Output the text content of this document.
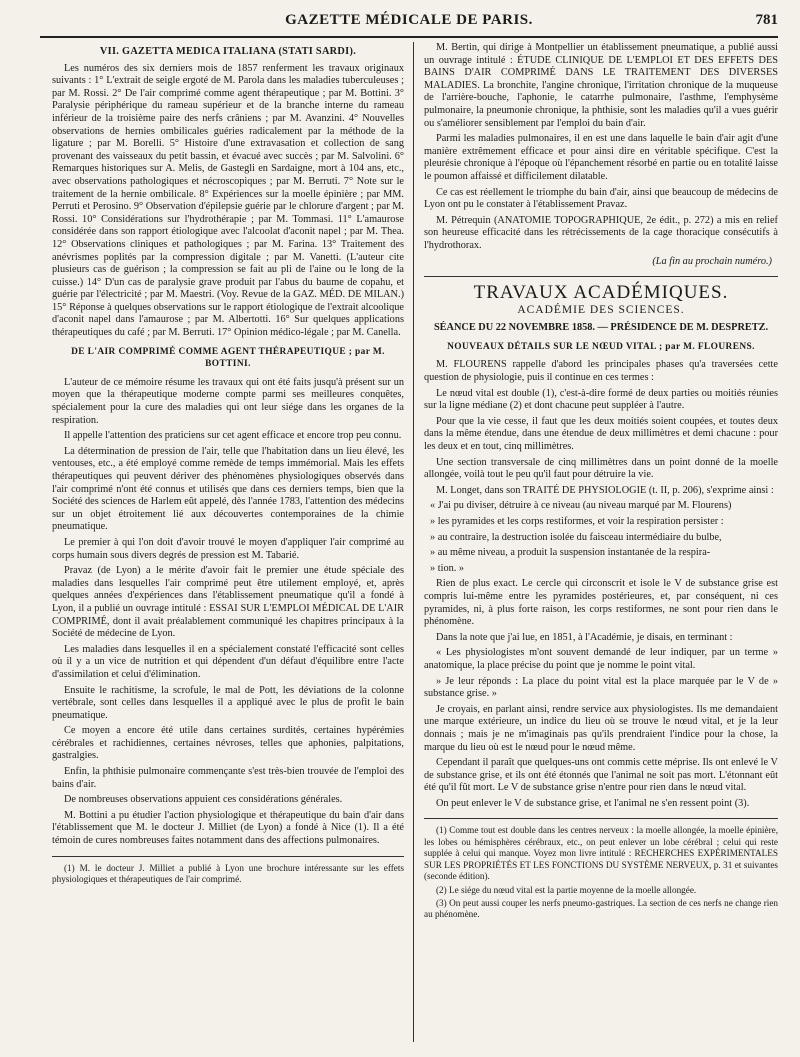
GAZETTE MÉDICALE DE PARIS.	781
VII. GAZETTA MEDICA ITALIANA (STATI SARDI).

Les numéros des six derniers mois de 1857 renferment les travaux originaux suivants : 1° L'extrait de seigle ergoté de M. Parola dans les maladies tuberculeuses ; par M. Rossi. 2° De l'air comprimé comme agent thérapeutique ; par M. Bottini. 3° Paralysie périphérique du rameau supérieur et de la branche interne du rameau inférieur de la troisième paire des nerfs crâniens ; par M. Avanzini. 4° Nouvelles observations de hernies ombilicales guéries radicalement par la méthode de la ligature ; par M. Borelli. 5° Histoire d'une extravasation et collection de sang provenant des vaisseaux du petit bassin, et évacué avec succès ; par M. Salvolini. 6° Remarques historiques sur A. Melis, de Gastegli en Sardaigne, mort à 104 ans, etc., avec observations pathologiques et nécroscopiques ; par M. Berruti. 7° Note sur le traitement de la hernie ombilicale. 8° Expériences sur la moelle épinière ; par MM. Perruti et Perosino. 9° Observation d'épilepsie guérie par le chlorure d'argent ; par M. Rossi. 10° Considérations sur l'hydrothérapie ; par M. Tommasi. 11° L'amaurose considérée dans son rapport étiologique avec l'alcoolat d'aconit napel ; par M. Thea. 12° Observations cliniques et pathologiques ; par M. Farina. 13° Traitement des anévrismes poplités par la compression digitale ; par M. Vanetti. (L'auteur cite plusieurs cas de guérison ; la compression se fait au pli de l'aine ou le long de la cuisse.) 14° D'un cas de paralysie grave produit par l'abus du baume de copahu, et guérie par l'électricité ; par M. Maestri. (Voy. Revue de la GAZ. MÉD. DE MILAN.) 15° Réponse à quelques observations sur le rapport étiologique de l'extrait alcoolique d'aconit napel dans l'amaurose ; par M. Albertotti. 16° Sur quelques applications thérapeutiques du café ; par M. Berruti. 17° Opinion médico-légale ; par M. Canella.

DE L'AIR COMPRIMÉ COMME AGENT THÉRAPEUTIQUE ; par M. BOTTINI.

L'auteur de ce mémoire résume les travaux qui ont été faits jusqu'à présent sur un moyen que la thérapeutique moderne compte parmi ses meilleures conquêtes, spécialement pour la cure des maladies qui ont leur siége dans les organes de la respiration.

Il appelle l'attention des praticiens sur cet agent efficace et encore trop peu connu.

La détermination de pression de l'air, telle que l'habitation dans un lieu élevé, les ventouses, etc., a été employé comme remède de temps immémorial. Mais les effets thérapeutiques qui peuvent dériver des phénomènes physiologiques observés dans l'air comprimé n'ont été connus et utilisés que dans ces derniers temps, bien que la Société des sciences de Harlem eût appelé, dès l'année 1783, l'attention des médecins sur un objet étroitement lié aux découvertes contemporaines de la chimie pneumatique.

Le premier à qui l'on doit d'avoir trouvé le moyen d'appliquer l'air comprimé au corps humain sous divers degrés de pression est M. Tabarié.

Pravaz (de Lyon) a le mérite d'avoir fait le premier une étude spéciale des maladies dans lesquelles l'air comprimé peut être utilement employé, et, après quelques années d'expériences dans l'établissement pneumatique qu'il a fondé à Lyon, il a publié un ouvrage intitulé : ESSAI SUR L'EMPLOI MÉDICAL DE L'AIR COMPRIMÉ, dont il avait préalablement communiqué les chapitres principaux à la Société de médecine de Lyon.

Les maladies dans lesquelles il en a spécialement constaté l'efficacité sont celles où il y a un vice de nutrition et qui dépendent d'un défaut d'équilibre entre l'acte d'assimilation et celui d'élimination.

Ensuite le rachitisme, la scrofule, le mal de Pott, les déviations de la colonne vertébrale, sont celles dans lesquelles il a appliqué avec le plus de profit le bain pneumatique.

Ce moyen a encore été utile dans certaines surdités, certaines hypérémies cérébrales et rachidiennes, certaines névroses, telles que aphonies, palpitations, gastralgies.

Enfin, la phthisie pulmonaire commençante s'est très-bien trouvée de l'emploi des bains d'air.

De nombreuses observations appuient ces considérations générales.

M. Bottini a pu étudier l'action physiologique et thérapeutique du bain d'air dans l'établissement que M. le docteur J. Milliet (de Lyon) a fondé à Nice (1). Il a été témoin de cures nombreuses faites notamment dans des affections pulmonaires.

(1) M. le docteur J. Milliet a publié à Lyon une brochure intéressante sur les effets physiologiques et thérapeutiques de l'air comprimé.

M. Bertin, qui dirige à Montpellier un établissement pneumatique, a publié aussi un ouvrage intitulé : ÉTUDE CLINIQUE DE L'EMPLOI ET DES EFFETS DES BAINS D'AIR COMPRIMÉ DANS LE TRAITEMENT DES DIVERSES MALADIES. La bronchite, l'angine chronique, l'irritation chronique de la muqueuse de l'arrière-bouche, l'aphonie, le catarrhe pulmonaire, l'asthme, l'emphysème pulmonaire, la pneumonie chronique, la phthisie, sont les maladies qu'il a vues guérir ou s'améliorer sensiblement par l'emploi du bain d'air.

Parmi les maladies pulmonaires, il en est une dans laquelle le bain d'air agit d'une manière extrêmement efficace et pour ainsi dire en véritable spécifique. C'est la pleurésie chronique à l'époque où l'épanchement résorbé en partie ou en totalité laisse le poumon affaissé et difficilement dilatable.

Ce cas est réellement le triomphe du bain d'air, ainsi que beaucoup de médecins de Lyon ont pu le constater à l'établissement Pravaz.

M. Pétrequin (ANATOMIE TOPOGRAPHIQUE, 2e édit., p. 272) a mis en relief son heureuse efficacité dans les rétrécissements de la cage thoracique consécutifs à l'hydrothorax.

(La fin au prochain numéro.)

TRAVAUX ACADÉMIQUES.
ACADÉMIE DES SCIENCES.
SÉANCE DU 22 NOVEMBRE 1858. — PRÉSIDENCE DE M. DESPRETZ.
NOUVEAUX DÉTAILS SUR LE NŒUD VITAL ; par M. FLOURENS.

M. FLOURENS rappelle d'abord les principales phases qu'a traversées cette question de physiologie, puis il continue en ces termes :

Le nœud vital est double (1), c'est-à-dire formé de deux parties ou moitiés réunies sur la ligne médiane (2) et dont chacune peut suppléer à l'autre.

Pour que la vie cesse, il faut que les deux moitiés soient coupées, et toutes deux dans la même étendue, dans une étendue de deux millimètres et demi chacune : pour les deux et en tout, cinq millimètres.

Une section transversale de cinq millimètres dans un point donné de la moelle allongée, voilà tout le peu qu'il faut pour détruire la vie.

M. Longet, dans son TRAITÉ DE PHYSIOLOGIE (t. II, p. 206), s'exprime ainsi :

« J'ai pu diviser, détruire à ce niveau (au niveau marqué par M. Flourens)

» les pyramides et les corps restiformes, et voir la respiration persister :

» au contraire, la destruction isolée du faisceau intermédiaire du bulbe,

» au même niveau, a produit la suspension instantanée de la respira-

» tion. »

Rien de plus exact. Le cercle qui circonscrit et isole le V de substance grise est compris lui-même entre les pyramides postérieures, et, par conséquent, ni ces pyramides, ni, à plus forte raison, les corps restiformes, ne sont pour rien dans le phénomène.

Dans la note que j'ai lue, en 1851, à l'Académie, je disais, en terminant :

« Les physiologistes m'ont souvent demandé de leur indiquer, par un terme » anatomique, la place précise du point que je nomme le point vital.

» Je leur réponds : La place du point vital est la place marquée par le V de » substance grise. »

Je croyais, en parlant ainsi, rendre service aux physiologistes. Ils me demandaient une marque extérieure, un indice du lieu où se trouve le nœud vital, et je la leur donnais ; mais je ne m'imaginais pas qu'ils prendraient l'indice pour la chose, la marque du lieu où est le nœud pour le nœud même.

Cependant il paraît que quelques-uns ont commis cette méprise. Ils ont enlevé le V de substance grise, et ils ont été étonnés que l'animal ne soit pas mort. L'étonnant eût été qu'il fût mort. Le V de substance grise n'entre pour rien dans le nœud vital.

On peut enlever le V de substance grise, et l'animal ne s'en ressent point (3).

(1) Comme tout est double dans les centres nerveux : la moelle allongée, la moelle épinière, les lobes ou hémisphères cérébraux, etc., on peut enlever un lobe cérébral ; celui qui reste supplée à celui qui manque. Voyez mon livre intitulé : RECHERCHES EXPÉRIMENTALES SUR LES PROPRIÉTÉS ET LES FONCTIONS DU SYSTÈME NERVEUX, p. 31 et suivantes (seconde édition).

(2) Le siége du nœud vital est la partie moyenne de la moelle allongée.

(3) On peut aussi couper les nerfs pneumo-gastriques. La section de ces nerfs ne change rien au phénomène.
